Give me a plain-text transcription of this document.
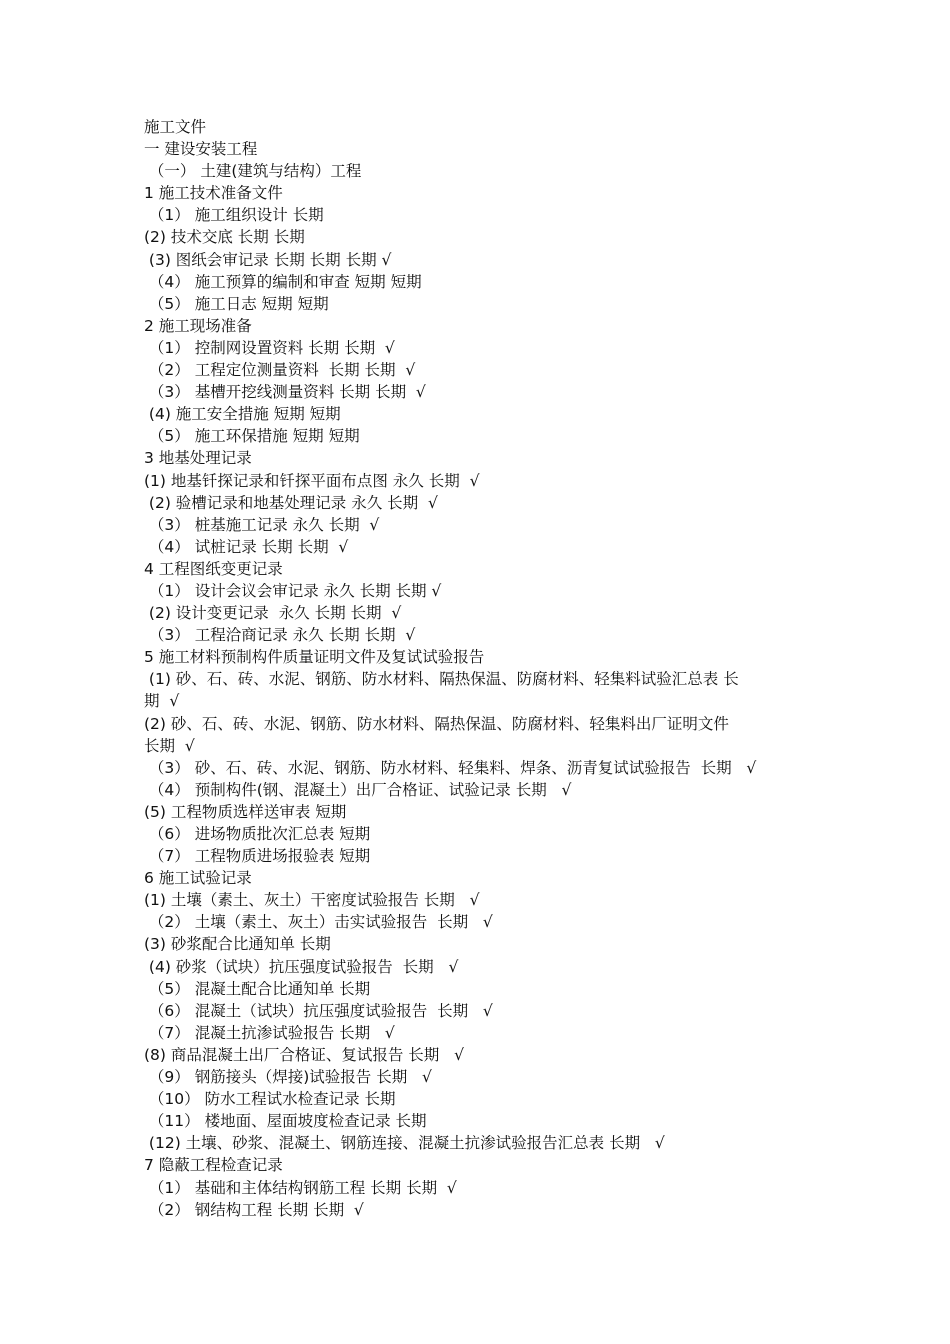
施工文件

一 建设安装工程

（一） 土建(建筑与结构）工程

1 施工技术准备文件

（1） 施工组织设计 长期

(2) 技术交底 长期 长期

(3) 图纸会审记录 长期 长期 长期 √

（4） 施工预算的编制和审查 短期 短期

（5） 施工日志 短期 短期

2 施工现场准备

（1） 控制网设置资料 长期 长期  √

（2） 工程定位测量资料  长期 长期  √

（3） 基槽开挖线测量资料 长期 长期  √

(4) 施工安全措施 短期 短期

（5） 施工环保措施 短期 短期

3 地基处理记录

(1) 地基钎探记录和钎探平面布点图 永久 长期  √

(2) 验槽记录和地基处理记录 永久 长期  √

（3） 桩基施工记录 永久 长期  √

（4） 试桩记录 长期 长期  √

4 工程图纸变更记录

（1） 设计会议会审记录 永久 长期 长期 √

(2) 设计变更记录  永久 长期 长期  √

（3） 工程洽商记录 永久 长期 长期  √

5 施工材料预制构件质量证明文件及复试试验报告

(1) 砂、石、砖、水泥、钢筋、防水材料、隔热保温、防腐材料、轻集料试验汇总表 长

期  √

(2) 砂、石、砖、水泥、钢筋、防水材料、隔热保温、防腐材料、轻集料出厂证明文件

长期  √

（3） 砂、石、砖、水泥、钢筋、防水材料、轻集料、焊条、沥青复试试验报告  长期   √

（4） 预制构件(钢、混凝土）出厂合格证、试验记录 长期   √

(5) 工程物质选样送审表 短期

（6） 进场物质批次汇总表 短期

（7） 工程物质进场报验表 短期

6 施工试验记录

(1) 土壤（素土、灰土）干密度试验报告 长期   √

（2） 土壤（素土、灰土）击实试验报告  长期   √

(3) 砂浆配合比通知单 长期

(4) 砂浆（试块）抗压强度试验报告  长期   √

（5） 混凝土配合比通知单 长期

（6） 混凝土（试块）抗压强度试验报告  长期   √

（7） 混凝土抗渗试验报告 长期   √

(8) 商品混凝土出厂合格证、复试报告 长期   √

（9） 钢筋接头（焊接)试验报告 长期   √

（10） 防水工程试水检查记录 长期

（11） 楼地面、屋面坡度检查记录 长期

(12) 土壤、砂浆、混凝土、钢筋连接、混凝土抗渗试验报告汇总表 长期   √

7 隐蔽工程检查记录

（1） 基础和主体结构钢筋工程 长期 长期  √

（2） 钢结构工程 长期 长期  √
